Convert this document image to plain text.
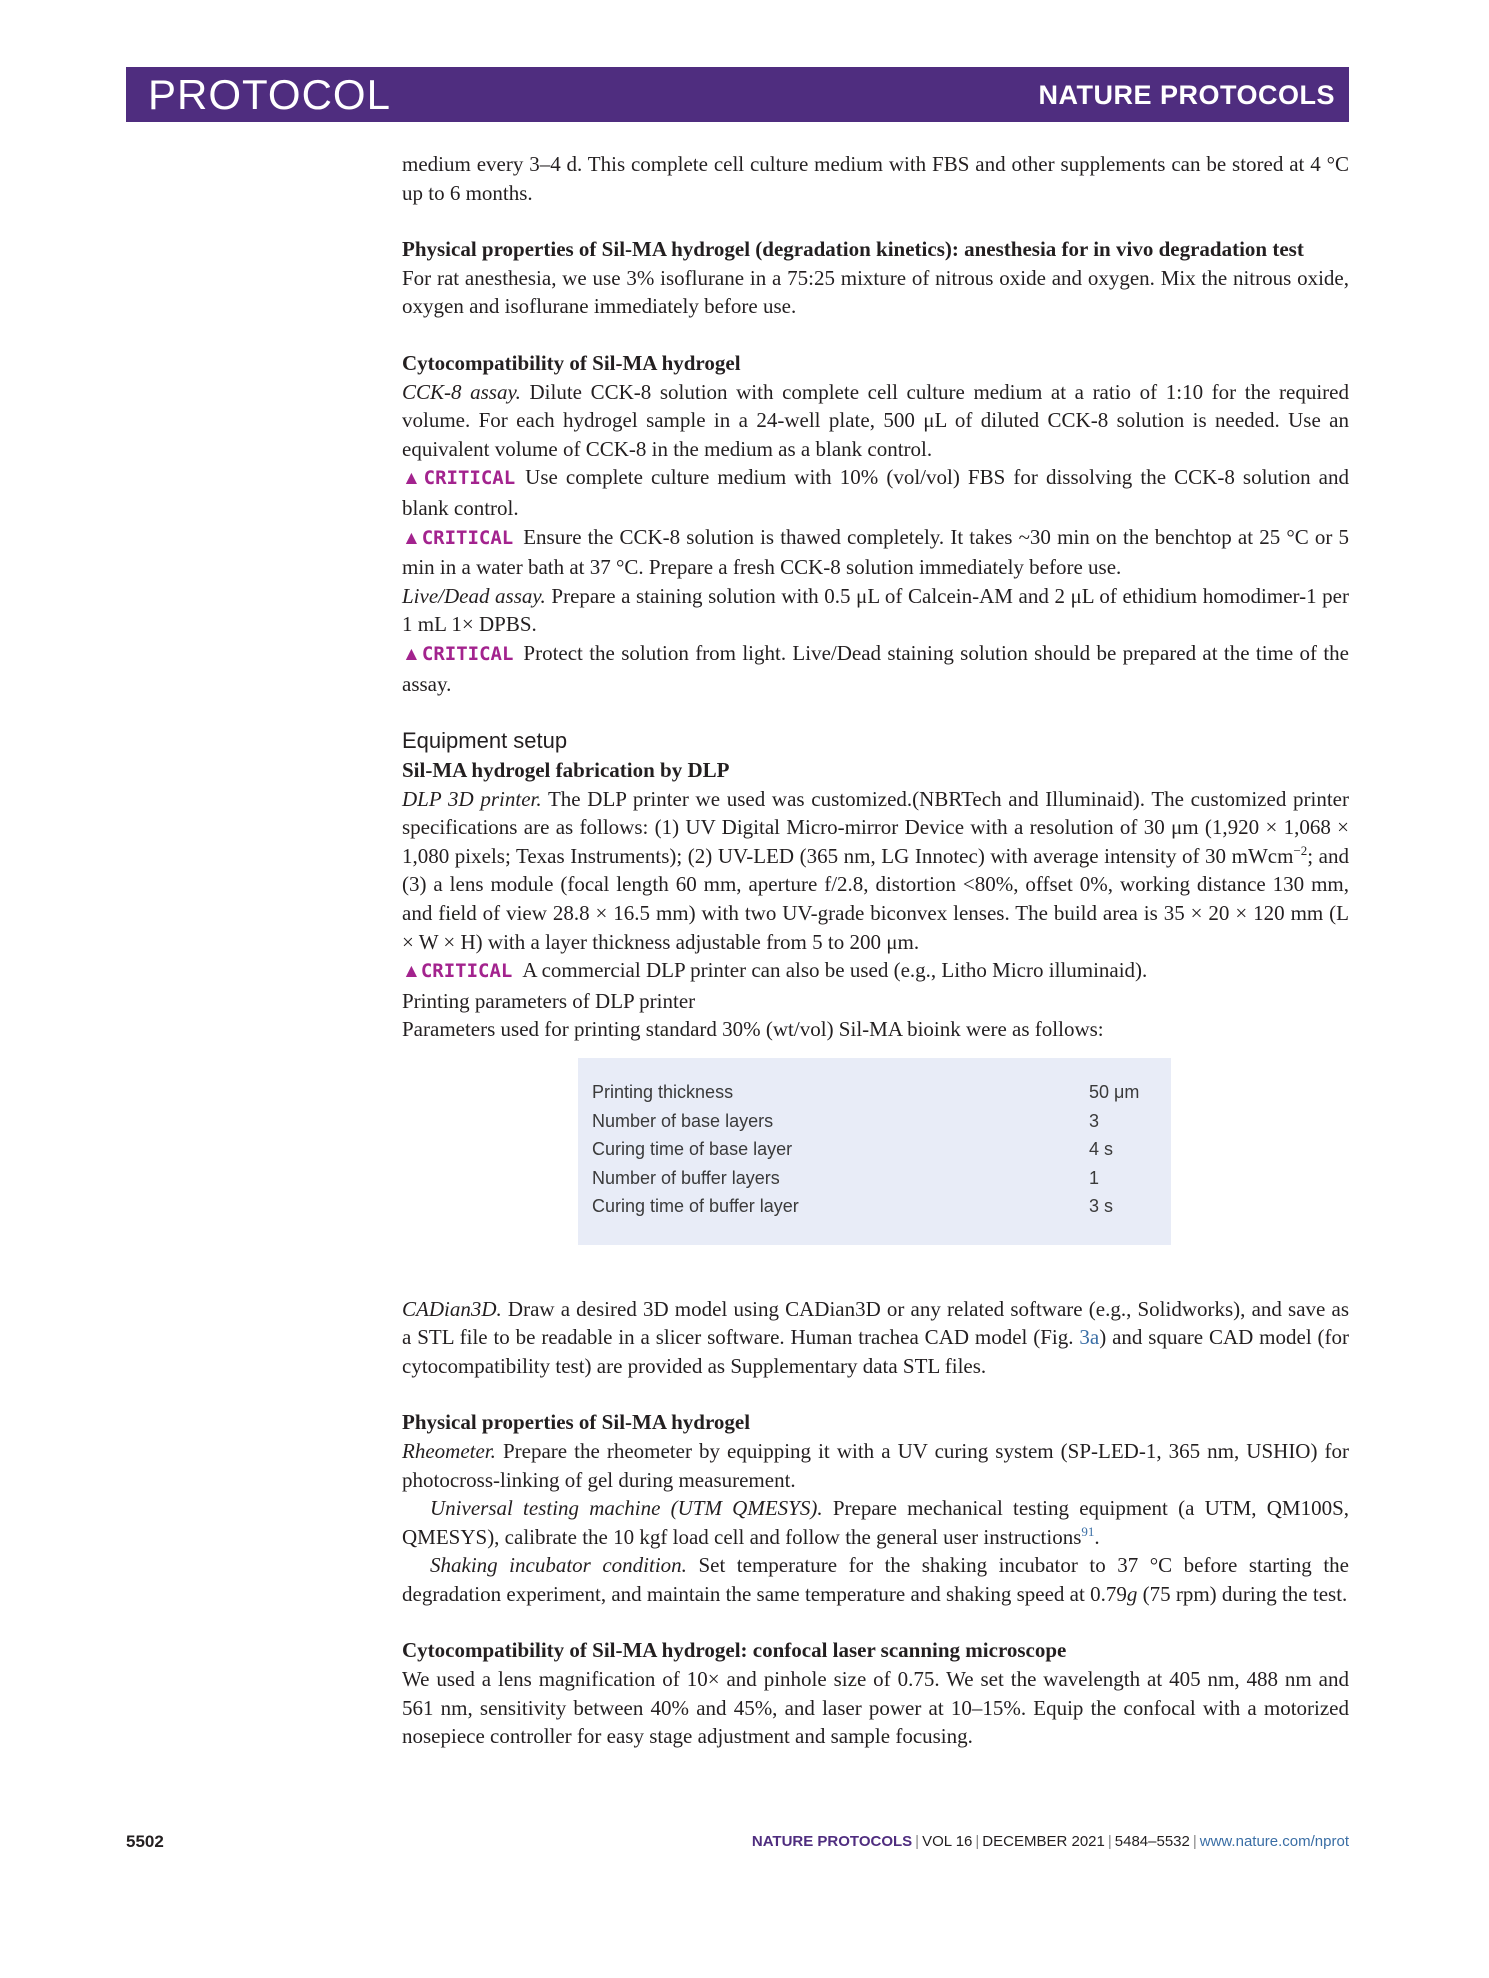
PROTOCOL	NATURE PROTOCOLS

medium every 3–4 d. This complete cell culture medium with FBS and other supplements can be stored at 4 °C up to 6 months.

Physical properties of Sil-MA hydrogel (degradation kinetics): anesthesia for in vivo degradation test

For rat anesthesia, we use 3% isoflurane in a 75:25 mixture of nitrous oxide and oxygen. Mix the nitrous oxide, oxygen and isoflurane immediately before use.

Cytocompatibility of Sil-MA hydrogel

CCK-8 assay. Dilute CCK-8 solution with complete cell culture medium at a ratio of 1:10 for the required volume. For each hydrogel sample in a 24-well plate, 500 μL of diluted CCK-8 solution is needed. Use an equivalent volume of CCK-8 in the medium as a blank control.

▲CRITICAL Use complete culture medium with 10% (vol/vol) FBS for dissolving the CCK-8 solution and blank control.

▲CRITICAL Ensure the CCK-8 solution is thawed completely. It takes ~30 min on the benchtop at 25 °C or 5 min in a water bath at 37 °C. Prepare a fresh CCK-8 solution immediately before use.

Live/Dead assay. Prepare a staining solution with 0.5 μL of Calcein-AM and 2 μL of ethidium homodimer-1 per 1 mL 1× DPBS.

▲CRITICAL Protect the solution from light. Live/Dead staining solution should be prepared at the time of the assay.

Equipment setup

Sil-MA hydrogel fabrication by DLP

DLP 3D printer. The DLP printer we used was customized.(NBRTech and Illuminaid). The customized printer specifications are as follows: (1) UV Digital Micro-mirror Device with a resolution of 30 μm (1,920 × 1,068 × 1,080 pixels; Texas Instruments); (2) UV-LED (365 nm, LG Innotec) with average intensity of 30 mWcm$^{-2}$; and (3) a lens module (focal length 60 mm, aperture f/2.8, distortion <80%, offset 0%, working distance 130 mm, and field of view 28.8 × 16.5 mm) with two UV-grade biconvex lenses. The build area is 35 × 20 × 120 mm (L × W × H) with a layer thickness adjustable from 5 to 200 μm.

▲CRITICAL A commercial DLP printer can also be used (e.g., Litho Micro illuminaid).

Printing parameters of DLP printer

Parameters used for printing standard 30% (wt/vol) Sil-MA bioink were as follows:

Printing thickness	50 μm
Number of base layers	3
Curing time of base layer	4 s
Number of buffer layers	1
Curing time of buffer layer	3 s

CADian3D. Draw a desired 3D model using CADian3D or any related software (e.g., Solidworks), and save as a STL file to be readable in a slicer software. Human trachea CAD model (Fig. 3a) and square CAD model (for cytocompatibility test) are provided as Supplementary data STL files.

Physical properties of Sil-MA hydrogel

Rheometer. Prepare the rheometer by equipping it with a UV curing system (SP-LED-1, 365 nm, USHIO) for photocross-linking of gel during measurement.

Universal testing machine (UTM QMESYS). Prepare mechanical testing equipment (a UTM, QM100S, QMESYS), calibrate the 10 kgf load cell and follow the general user instructions$^{91}$.

Shaking incubator condition. Set temperature for the shaking incubator to 37 °C before starting the degradation experiment, and maintain the same temperature and shaking speed at 0.79g (75 rpm) during the test.

Cytocompatibility of Sil-MA hydrogel: confocal laser scanning microscope

We used a lens magnification of 10× and pinhole size of 0.75. We set the wavelength at 405 nm, 488 nm and 561 nm, sensitivity between 40% and 45%, and laser power at 10–15%. Equip the confocal with a motorized nosepiece controller for easy stage adjustment and sample focusing.

5502	NATURE PROTOCOLS | VOL 16 | DECEMBER 2021 | 5484–5532 | www.nature.com/nprot
